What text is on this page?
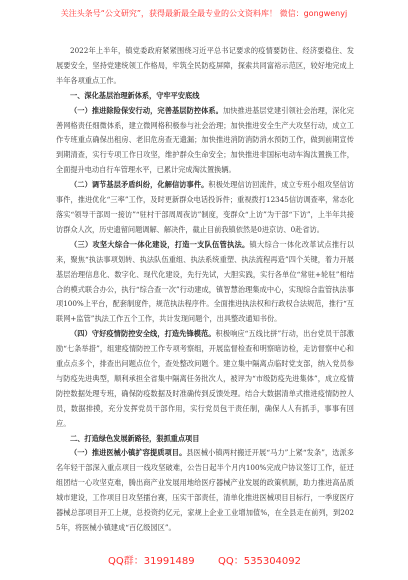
关注头条号“公文研究”，获得最新最全最专业的公文资料库！ 微信：gongwenyj

2022年上半年，镇党委政府紧紧围绕习近平总书记要求的疫情要防住、经济要稳住、发展要安全，坚持党建统领工作格局，牢筑全民防疫屏障，探索共同富裕示范区，较好地完成上半年各项重点工作。

一、深化基层治理新体系，守牢平安底线

（一）推进除险保安行动，完善基层防控体系。加快推进基层党建引领社会治理，深化完善网格责任细微体系，建立微网格积极参与社会治理；加快推进安全生产大攻坚行动，成立工作专班重点确保出租房、老旧危房查无遗漏；加快推进消防消防消水预防工作，做到前期宣传到期清查，实行专项工作日攻坚，维护群众生命安全；加快推进非国标电动车淘汰置换工作，全面提升电动自行车管理水平，已累计完成淘汰置换辆。

（二）调节基层矛盾纠纷，化解信访事件。积极处理信访回流件，成立专班小组攻坚信访事件，推进优化“三率”工作，及时更新群众电话投诉件；重视拨打12345信访调查率，常态化落实“领导干部周一接访”“驻村干部周周夜访”制度，变群众“上访”为干部“下访”，上半年共接访群众人次，历史遗留问题调解、解决件，截止目前我镇依然是0进京访、0赴省访。

（三）攻坚大综合一体化建设，打造一支队伍管执法。镇大综合一体化改革试点推行以来，聚焦“执法事项划转、执法队伍重组、执法系统重塑、执法流程再造”四个关键，着力开展基层治理信息化、数字化、现代化建设，先行先试，大胆实践，实行各单位“常驻+轮驻”相结合的模式联合办公，执行“综合查一次”行动建成，镇智慧治理集成中心，实现综合监管执法事项100%上平台，配套制度件，规范执法程序件。全面推进执法权和行政权合法规范，推行“互联网+监管”执法工作五个工作，共计发现问题个，出具整改通知书份。

（四）守好疫情防控安全线，打造先锋模范。积极响应“五线比拼”行动，出台党员干部激励“七条举措”，组建疫情防控工作专项考察组，开展监督检查和明察暗访检，走访督察中心和重点点多个，排查出问题点位个，查处整改问题个。建立集中隔离点临时党支部，纳入党员参与防疫先进典型，顺利承担全省集中隔离任务批次人，被评为“市级防疫先进集体”，成立疫情防控数据处理专班，确保防疫数据及时准确传到反馈处理。结合大数据清单式推进疫情防控人员，数据排摸，充分发挥党员干部作用，实行党员包干责任制，确保人人有抓手，事事有回应。

二、打造绿色发展新路径，狠抓重点项目

（一）推进医械小镇扩容提质项目。县医械小镇两村搬迁开展“马力”上紧“发条”，选派多名年轻干部深入重点项目一线攻坚破难，公告日起半个月内100%完成户协议签订工作，征迁组团结一心攻坚克难，腾出商产业发展用地给医疗器械产业发展的政策机制，助力推进高品质城市建设，工作项目日攻坚擂台赛，压实干部责任，清单化推进医械项目目标行，一季度医疗器械总部项目开工上规，总投资约亿元，家规上企业工业增加值%，在全县走在前列，到2025年，将医械小镇建成“百亿级园区”。

QQ群：31991489 QQ：535304092
